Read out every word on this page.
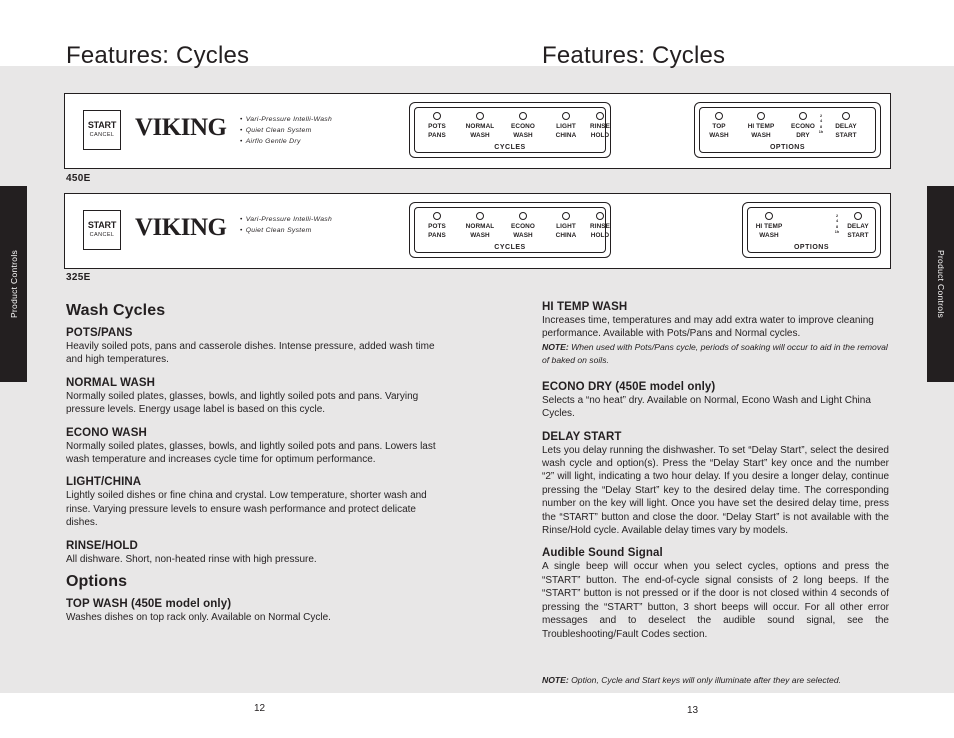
Features: Cycles	Features: Cycles
Product Controls	Product Controls
START
CANCEL VIKING	• Vari-Pressure Intelli-Wash
• Quiet Clean System
• Airflo Gentle Dry
POTS
PANS
NORMAL
WASH
ECONO
WASH
LIGHT
CHINA
RINSE
HOLD
CYCLES
TOP
WASH
HI TEMP
WASH
ECONO
DRY
2
4
8
1h
DELAY
START
OPTIONS
450E
START
CANCEL VIKING	• Vari-Pressure Intelli-Wash
• Quiet Clean System
POTS
PANS
NORMAL
WASH
ECONO
WASH
LIGHT
CHINA
RINSE
HOLD
CYCLES
HI TEMP
WASH
2
4
8
1h
DELAY
START
OPTIONS
325E
Wash Cycles
POTS/PANS

Heavily soiled pots, pans and casserole dishes. Intense pressure, added wash time and high temperatures.

NORMAL WASH

Normally soiled plates, glasses, bowls, and lightly soiled pots and pans. Varying pressure levels. Energy usage label is based on this cycle.

ECONO WASH

Normally soiled plates, glasses, bowls, and lightly soiled pots and pans. Lowers last wash temperature and increases cycle time for optimum performance.

LIGHT/CHINA

Lightly soiled dishes or fine china and crystal. Low temperature, shorter wash and rinse. Varying pressure levels to ensure wash performance and protect delicate dishes.

RINSE/HOLD

All dishware. Short, non-heated rinse with high pressure.

Options
TOP WASH (450E model only)

Washes dishes on top rack only. Available on Normal Cycle.

HI TEMP WASH

Increases time, temperatures and may add extra water to improve cleaning performance. Available with Pots/Pans and Normal cycles.

NOTE: When used with Pots/Pans cycle, periods of soaking will occur to aid in the removal of baked on soils.

ECONO DRY (450E model only)

Selects a “no heat” dry. Available on Normal, Econo Wash and Light China Cycles.

DELAY START

Lets you delay running the dishwasher. To set “Delay Start”, select the desired wash cycle and option(s). Press the “Delay Start” key once and the number “2” will light, indicating a two hour delay. If you desire a longer delay, continue pressing the “Delay Start” key to the desired delay time. The corresponding number on the key will light. Once you have set the desired delay time, press the “START” button and close the door. “Delay Start” is not available with the Rinse/Hold cycle. Available delay times vary by models.

Audible Sound Signal

A single beep will occur when you select cycles, options and press the “START” button. The end-of-cycle signal consists of 2 long beeps. If the “START” button is not pressed or if the door is not closed within 4 seconds of pressing the “START” button, 3 short beeps will occur. For all other error messages and to deselect the audible sound signal, see the Troubleshooting/Fault Codes section.

NOTE: Option, Cycle and Start keys will only illuminate after they are selected.
12	13
